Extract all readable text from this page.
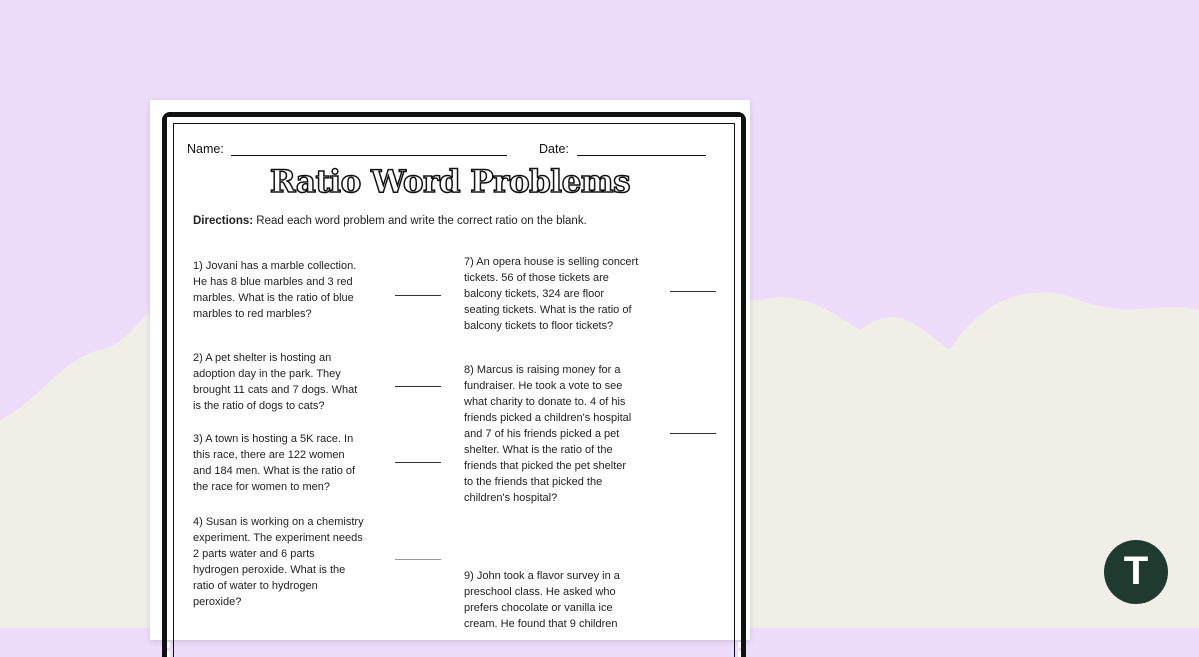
Name:	Date:
Ratio Word Problems
Directions: Read each word problem and write the correct ratio on the blank.
1) Jovani has a marble collection.
He has 8 blue marbles and 3 red
marbles. What is the ratio of blue
marbles to red marbles?
2) A pet shelter is hosting an
adoption day in the park. They
brought 11 cats and 7 dogs. What
is the ratio of dogs to cats?
3) A town is hosting a 5K race. In
this race, there are 122 women
and 184 men. What is the ratio of
the race for women to men?
4) Susan is working on a chemistry
experiment. The experiment needs
2 parts water and 6 parts
hydrogen peroxide. What is the
ratio of water to hydrogen
peroxide?
7) An opera house is selling concert
tickets. 56 of those tickets are
balcony tickets, 324 are floor
seating tickets. What is the ratio of
balcony tickets to floor tickets?
8) Marcus is raising money for a
fundraiser. He took a vote to see
what charity to donate to. 4 of his
friends picked a children's hospital
and 7 of his friends picked a pet
shelter. What is the ratio of the
friends that picked the pet shelter
to the friends that picked the
children's hospital?
9) John took a flavor survey in a
preschool class. He asked who
prefers chocolate or vanilla ice
cream. He found that 9 children
T
